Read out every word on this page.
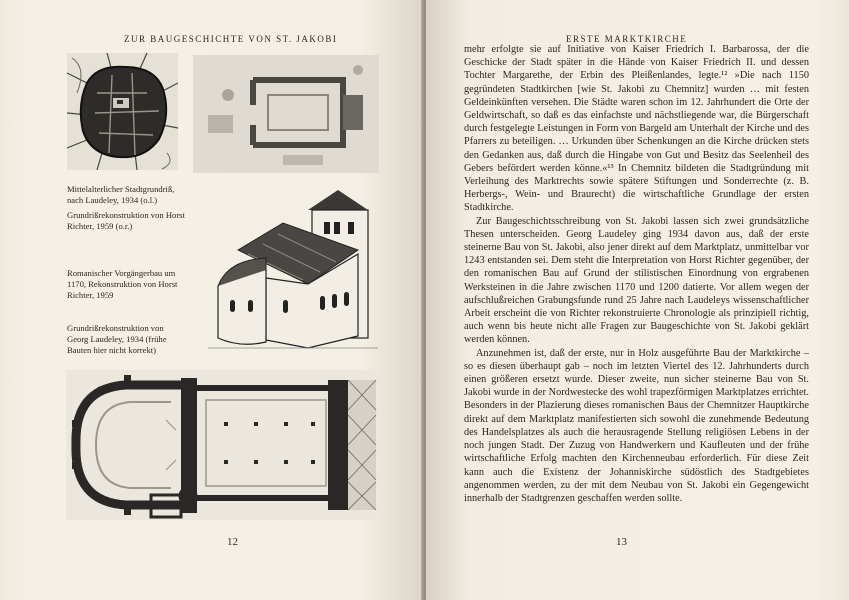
ZUR BAUGESCHICHTE VON ST. JAKOBI
Mittelalterlicher Stadtgrundriß, nach Laudeley, 1934 (o.l.)
Grundrißrekonstruktion von Horst Richter, 1959 (o.r.)
Romanischer Vorgängerbau um 1170, Rekonstruktion von Horst Richter, 1959
Grundrißrekonstruktion von Georg Laudeley, 1934 (frühe Bauten hier nicht korrekt)
12
ERSTE MARKTKIRCHE

mehr erfolgte sie auf Initiative von Kaiser Friedrich I. Barbarossa, der die Geschicke der Stadt später in die Hände von Kaiser Friedrich II. und dessen Tochter Margarethe, der Erbin des Pleißenlandes, legte.¹² »Die nach 1150 gegründeten Stadtkirchen [wie St. Jakobi zu Chemnitz] wurden … mit festen Geldeinkünften versehen. Die Städte waren schon im 12. Jahrhundert die Orte der Geldwirtschaft, so daß es das einfachste und nächstliegende war, die Bürgerschaft durch festgelegte Leistungen in Form von Bargeld am Unterhalt der Kirche und des Pfarrers zu beteiligen. … Urkunden über Schenkungen an die Kirche drücken stets den Gedanken aus, daß durch die Hingabe von Gut und Besitz das Seelenheil des Gebers befördert werden könne.«¹³ In Chemnitz bildeten die Stadtgründung mit Verleihung des Marktrechts sowie spätere Stiftungen und Sonderrechte (z. B. Herbergs-, Wein- und Braurecht) die wirtschaftliche Grundlage der ersten Stadtkirche.

Zur Baugeschichtsschreibung von St. Jakobi lassen sich zwei grundsätzliche Thesen unterscheiden. Georg Laudeley ging 1934 davon aus, daß der erste steinerne Bau von St. Jakobi, also jener direkt auf dem Marktplatz, unmittelbar vor 1243 entstanden sei. Dem steht die Interpretation von Horst Richter gegenüber, der den romanischen Bau auf Grund der stilistischen Einordnung von ergrabenen Werksteinen in die Jahre zwischen 1170 und 1200 datierte. Vor allem wegen der aufschlußreichen Grabungsfunde rund 25 Jahre nach Laudeleys wissenschaftlicher Arbeit erscheint die von Richter rekonstruierte Chronologie als prinzipiell richtig, auch wenn bis heute nicht alle Fragen zur Baugeschichte von St. Jakobi geklärt werden können.

Anzunehmen ist, daß der erste, nur in Holz ausgeführte Bau der Marktkirche – so es diesen überhaupt gab – noch im letzten Viertel des 12. Jahrhunderts durch einen größeren ersetzt wurde. Dieser zweite, nun sicher steinerne Bau von St. Jakobi wurde in der Nordwestecke des wohl trapezförmigen Marktplatzes errichtet. Besonders in der Plazierung dieses romanischen Baus der Chemnitzer Hauptkirche direkt auf dem Marktplatz manifestierten sich sowohl die zunehmende Bedeutung des Handelsplatzes als auch die herausragende Stellung religiösen Lebens in der noch jungen Stadt. Der Zuzug von Handwerkern und Kaufleuten und der frühe wirtschaftliche Erfolg machten den Kirchenneubau erforderlich. Für diese Zeit kann auch die Existenz der Johanniskirche südöstlich des Stadtgebietes angenommen werden, zu der mit dem Neubau von St. Jakobi ein Gegengewicht innerhalb der Stadtgrenzen geschaffen werden sollte.

13
